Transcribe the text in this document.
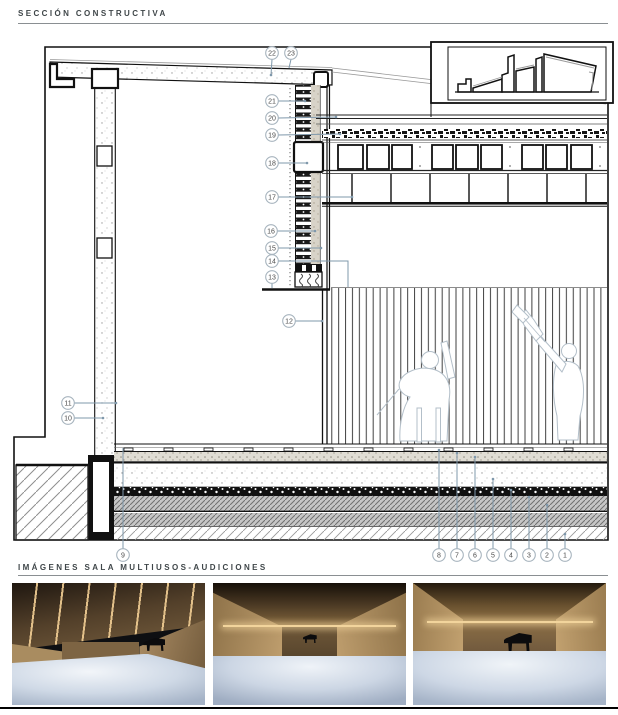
22 23
21
20
19
18
17
16
15
14
13
12
11
10
9	8 7 6 5 4 3 2 1
SECCIÓN CONSTRUCTIVA
IMÁGENES SALA MULTIUSOS-AUDICIONES
